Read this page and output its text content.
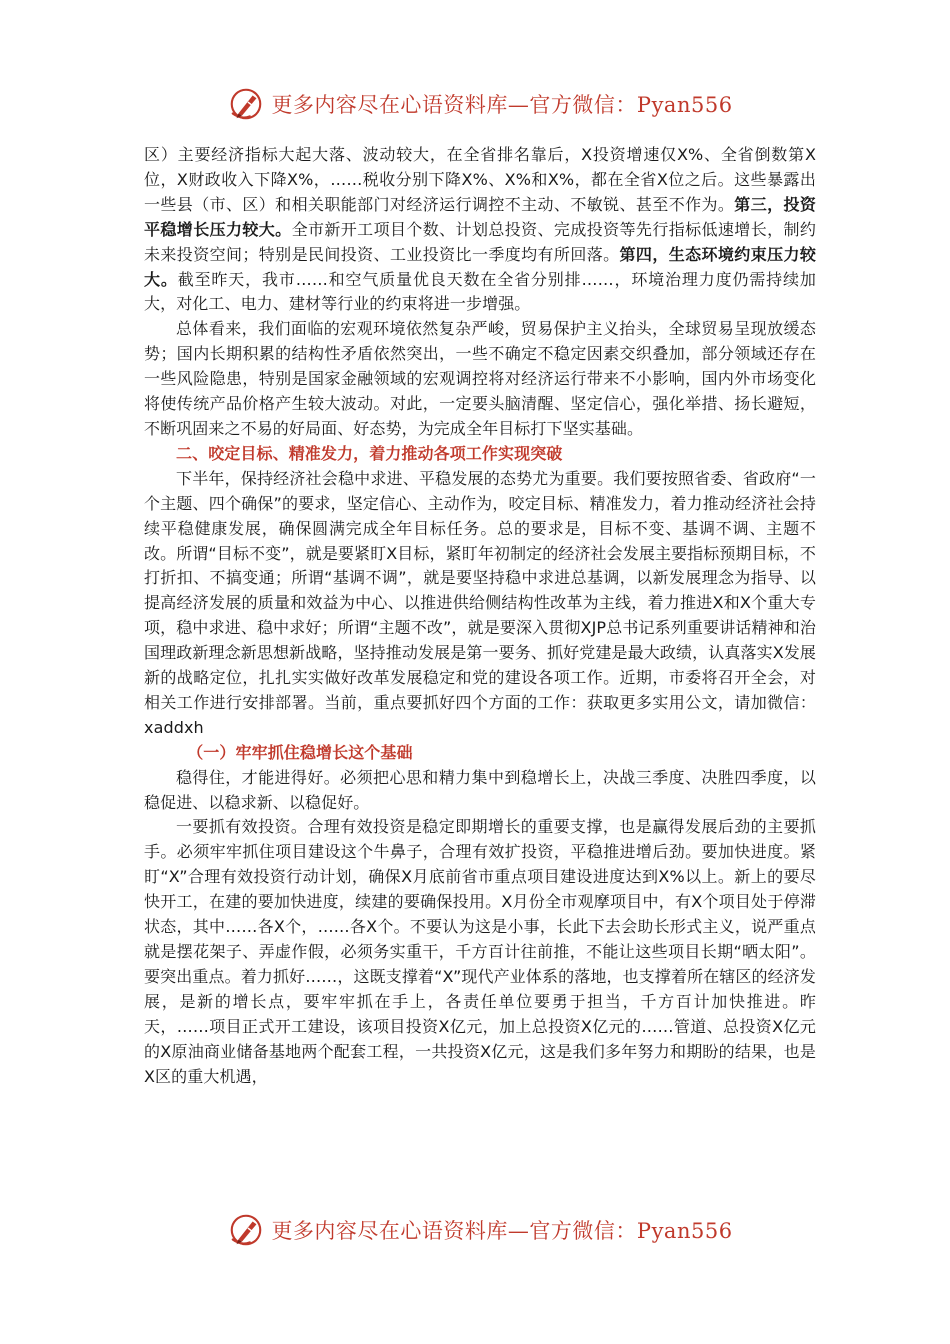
更多内容尽在心语资料库—官方微信：Pyan556

区）主要经济指标大起大落、波动较大，在全省排名靠后，X投资增速仅X%、全省倒数第X位，X财政收入下降X%，……税收分别下降X%、X%和X%，都在全省X位之后。这些暴露出一些县（市、区）和相关职能部门对经济运行调控不主动、不敏锐、甚至不作为。第三，投资平稳增长压力较大。全市新开工项目个数、计划总投资、完成投资等先行指标低速增长，制约未来投资空间；特别是民间投资、工业投资比一季度均有所回落。第四，生态环境约束压力较大。截至昨天，我市……和空气质量优良天数在全省分别排……，环境治理力度仍需持续加大，对化工、电力、建材等行业的约束将进一步增强。

总体看来，我们面临的宏观环境依然复杂严峻，贸易保护主义抬头，全球贸易呈现放缓态势；国内长期积累的结构性矛盾依然突出，一些不确定不稳定因素交织叠加，部分领域还存在一些风险隐患，特别是国家金融领域的宏观调控将对经济运行带来不小影响，国内外市场变化将使传统产品价格产生较大波动。对此，一定要头脑清醒、坚定信心，强化举措、扬长避短，不断巩固来之不易的好局面、好态势，为完成全年目标打下坚实基础。

二、咬定目标、精准发力，着力推动各项工作实现突破

下半年，保持经济社会稳中求进、平稳发展的态势尤为重要。我们要按照省委、省政府“一个主题、四个确保”的要求，坚定信心、主动作为，咬定目标、精准发力，着力推动经济社会持续平稳健康发展，确保圆满完成全年目标任务。总的要求是，目标不变、基调不调、主题不改。所谓“目标不变”，就是要紧盯X目标，紧盯年初制定的经济社会发展主要指标预期目标，不打折扣、不搞变通；所谓“基调不调”，就是要坚持稳中求进总基调，以新发展理念为指导、以提高经济发展的质量和效益为中心、以推进供给侧结构性改革为主线，着力推进X和X个重大专项，稳中求进、稳中求好；所谓“主题不改”，就是要深入贯彻XJP总书记系列重要讲话精神和治国理政新理念新思想新战略，坚持推动发展是第一要务、抓好党建是最大政绩，认真落实X发展新的战略定位，扎扎实实做好改革发展稳定和党的建设各项工作。近期，市委将召开全会，对相关工作进行安排部署。当前，重点要抓好四个方面的工作：获取更多实用公文，请加微信：xaddxh

（一）牢牢抓住稳增长这个基础

稳得住，才能进得好。必须把心思和精力集中到稳增长上，决战三季度、决胜四季度，以稳促进、以稳求新、以稳促好。

一要抓有效投资。合理有效投资是稳定即期增长的重要支撑，也是赢得发展后劲的主要抓手。必须牢牢抓住项目建设这个牛鼻子，合理有效扩投资，平稳推进增后劲。要加快进度。紧盯“X”合理有效投资行动计划，确保X月底前省市重点项目建设进度达到X%以上。新上的要尽快开工，在建的要加快进度，续建的要确保投用。X月份全市观摩项目中，有X个项目处于停滞状态，其中……各X个，……各X个。不要认为这是小事，长此下去会助长形式主义，说严重点就是摆花架子、弄虚作假，必须务实重干，千方百计往前推，不能让这些项目长期“晒太阳”。要突出重点。着力抓好……，这既支撑着“X”现代产业体系的落地，也支撑着所在辖区的经济发展，是新的增长点，要牢牢抓在手上，各责任单位要勇于担当，千方百计加快推进。昨天，……项目正式开工建设，该项目投资X亿元，加上总投资X亿元的……管道、总投资X亿元的X原油商业储备基地两个配套工程，一共投资X亿元，这是我们多年努力和期盼的结果，也是X区的重大机遇，

更多内容尽在心语资料库—官方微信：Pyan556
